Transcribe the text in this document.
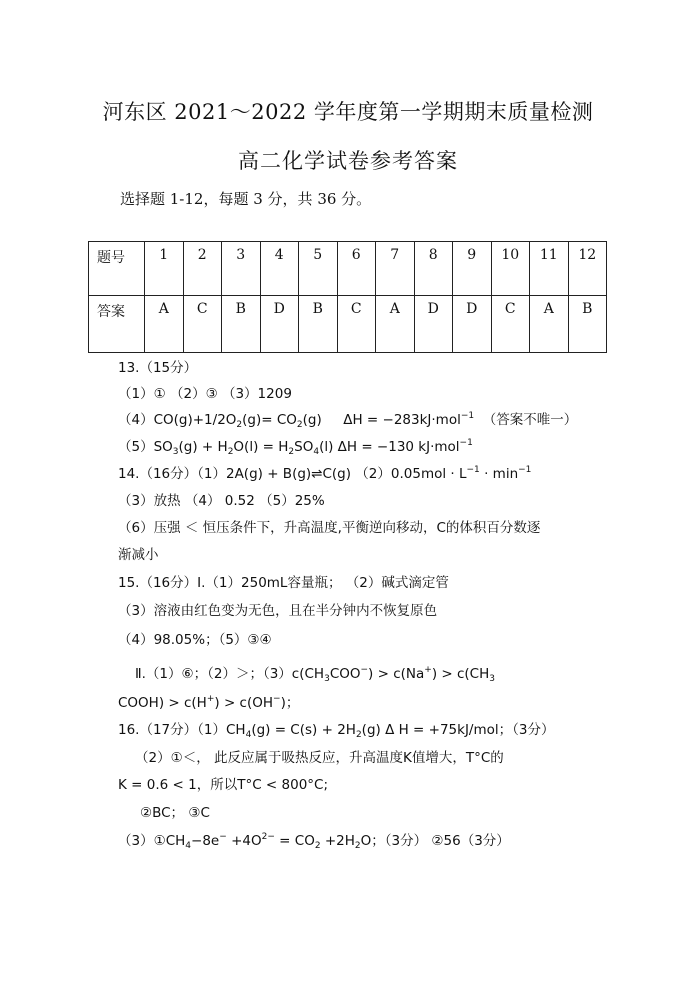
河东区 2021～2022 学年度第一学期期末质量检测
高二化学试卷参考答案
选择题 1-12，每题 3 分，共 36 分。
题号	1	2	3	4	5	6	7	8	9	10	11	12
答案	A	C	B	D	B	C	A	D	D	C	A	B
13.（15分）
（1）① （2）③ （3）1209
$(4)CO(g)+1/2O_2(g)= CO_2(g) \Delta H = -283kJ\cdot mol^{-1}$ （答案不唯一）
$(5)SO_3(g) + H_2O(l) = H_2SO_4(l) \Delta H = -130$ kJ·mol$^{-1}$
14.（16分）（1）2A(g) + B(g)⇌C(g) $(2)0.05mol \cdot L^{-1} \cdot \min^{-1}$
（3）放热 （4） 0.52 （5）25%
（6）压强 ＜ 恒压条件下，升高温度,平衡逆向移动，C的体积百分数逐
渐减小
15.（16分）Ⅰ.（1）250mL容量瓶； （2）碱式滴定管
（3）溶液由红色变为无色，且在半分钟内不恢复原色
（4）98.05%；（5）③④
Ⅱ.（1）⑥；（2）＞；$(3)c(CH_3COO^-) > c(Na^+) > c(CH_3$
COOH) > c(H+) > c(OH−)；
16.（17分）$(1)CH_4(g) = C(s) + 2H_2(g)$ Δ H = +75kJ/mol；（3分）
（2）①＜， 此反应属于吸热反应，升高温度K值增大，T°C的
K = 0.6 < 1，所以T°C < 800°C;
②BC； ③C
$(3)①CH_4-8e^- +4O^{2-} = CO_2 +2H_2O$；（3分） ②56（3分）
